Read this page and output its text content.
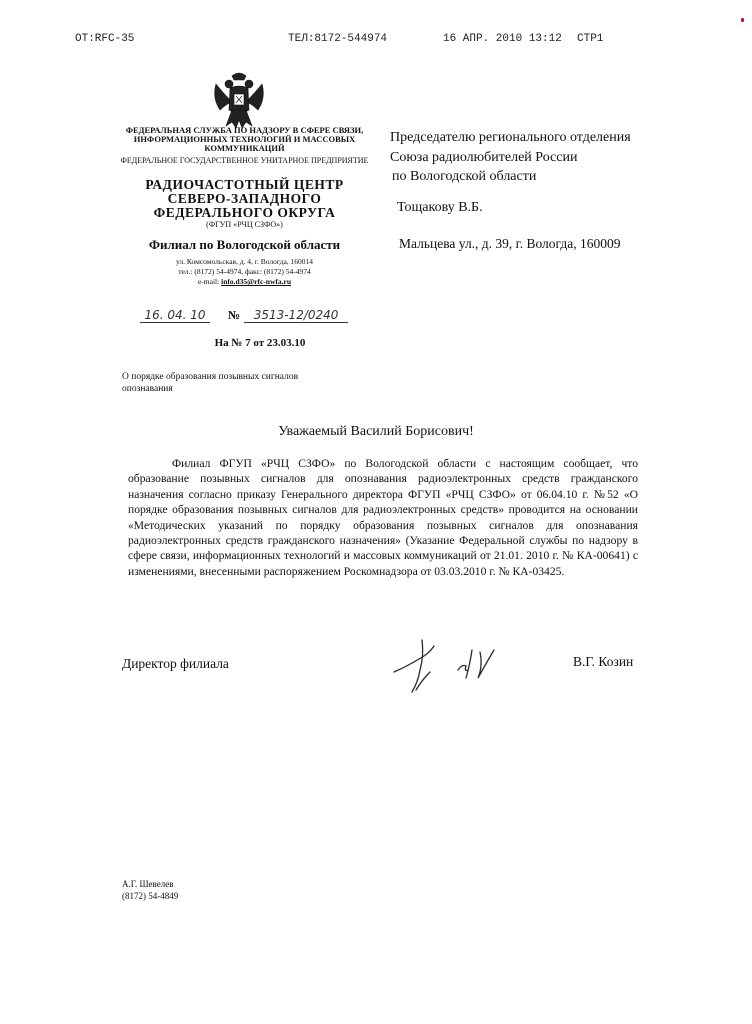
OT:RFC-35	ТЕЛ:8172-544974	16 АПР. 2010 13:12 СТР1
ФЕДЕРАЛЬНАЯ СЛУЖБА ПО НАДЗОРУ В СФЕРЕ СВЯЗИ, ИНФОРМАЦИОННЫХ ТЕХНОЛОГИЙ И МАССОВЫХ КОММУНИКАЦИЙ
ФЕДЕРАЛЬНОЕ ГОСУДАРСТВЕННОЕ УНИТАРНОЕ ПРЕДПРИЯТИЕ
РАДИОЧАСТОТНЫЙ ЦЕНТР СЕВЕРО-ЗАПАДНОГО ФЕДЕРАЛЬНОГО ОКРУГА
(ФГУП «РЧЦ СЗФО»)
Филиал по Вологодской области
ул. Комсомольская, д. 4, г. Вологда, 160014
тел.: (8172) 54-4974, факс: (8172) 54-4974
e-mail: info.d35@rfc-nwfa.ru
16. 04. 10 № 3513-12/0240
На № 7 от 23.03.10
О порядке образования позывных сигналов опознавания
Председателю регионального отделения
Союза радиолюбителей России
по Вологодской области
Тощакову В.Б.
Мальцева ул., д. 39, г. Вологда, 160009
Уважаемый Василий Борисович!
Филиал ФГУП «РЧЦ СЗФО» по Вологодской области с настоящим сообщает, что образование позывных сигналов для опознавания радиоэлектронных средств гражданского назначения согласно приказу Генерального директора ФГУП «РЧЦ СЗФО» от 06.04.10 г. №52 «О порядке образования позывных сигналов для радиоэлектронных средств» проводится на основании «Методических указаний по порядку образования позывных сигналов для опознавания радиоэлектронных средств гражданского назначения» (Указание Федеральной службы по надзору в сфере связи, информационных технологий и массовых коммуникаций от 21.01. 2010 г. № КА-00641) с изменениями, внесенными распоряжением Роскомнадзора от 03.03.2010 г. № КА-03425.
Директор филиала	В.Г. Козин
А.Г. Шевелев
(8172) 54-4849
